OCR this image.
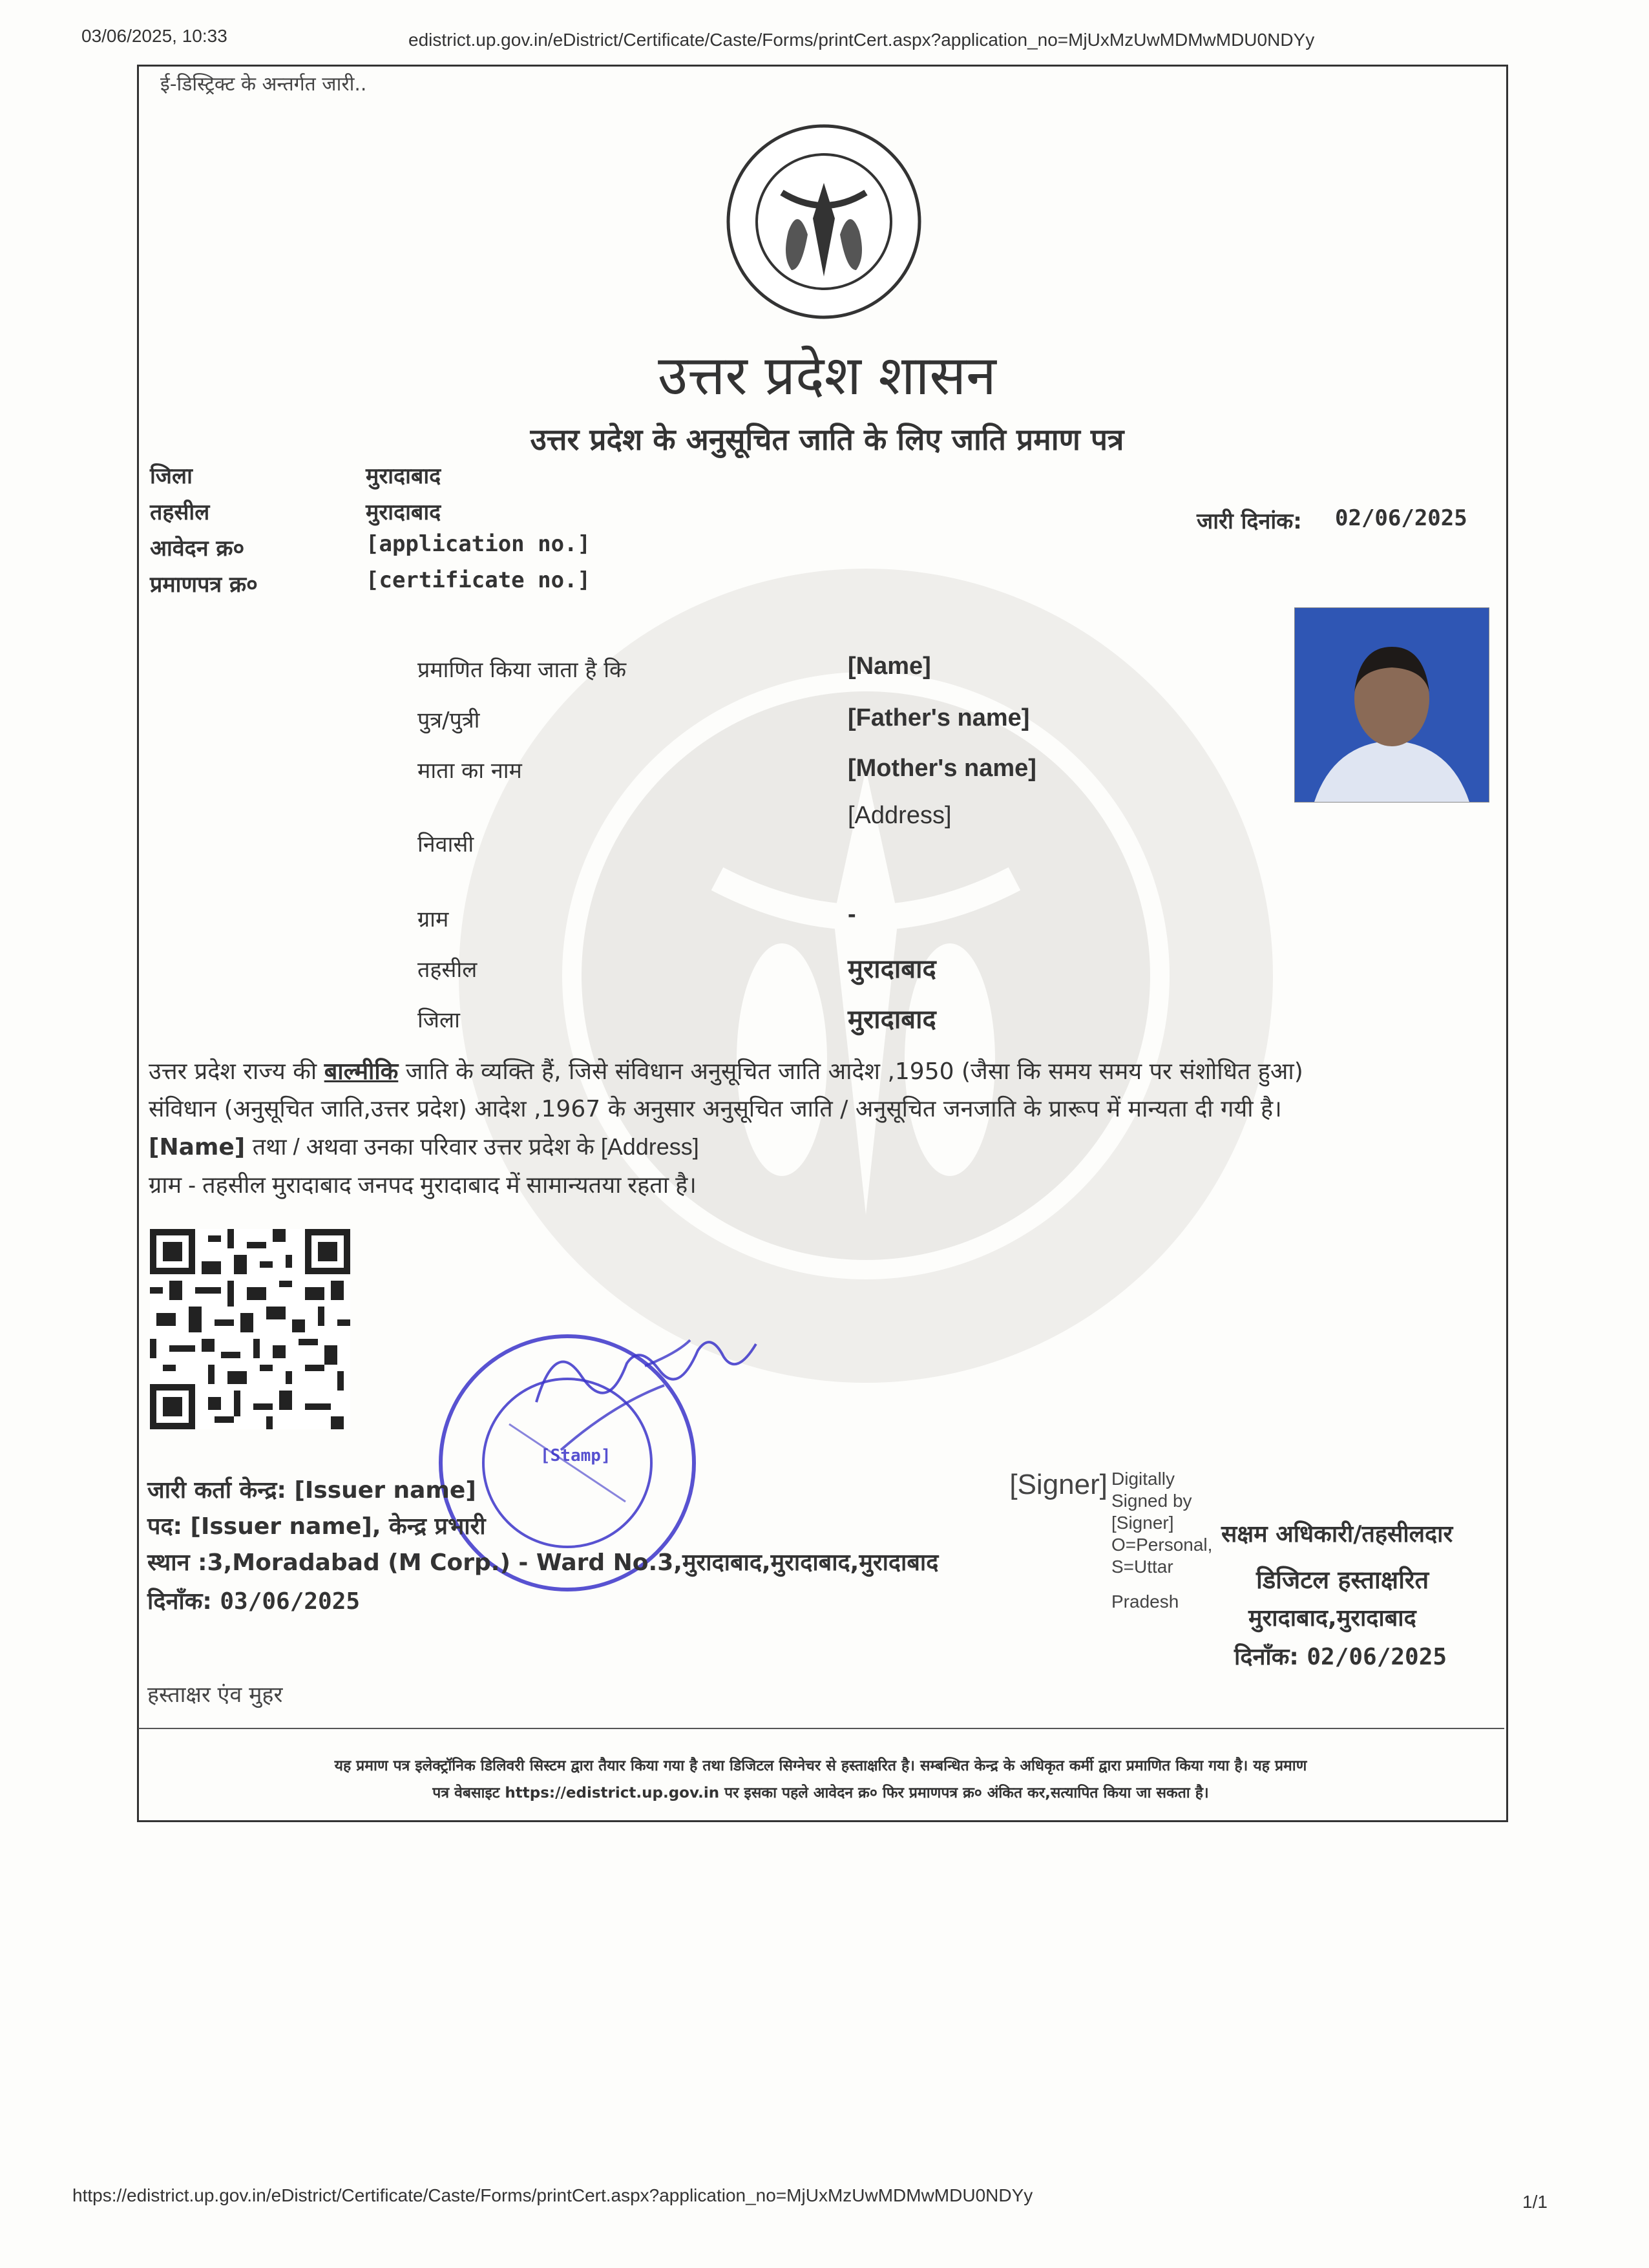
03/06/2025, 10:33	edistrict.up.gov.in/eDistrict/Certificate/Caste/Forms/printCert.aspx?application_no=MjUxMzUwMDMwMDU0NDYy
ई-डिस्ट्रिक्ट के अन्तर्गत जारी..
उत्तर प्रदेश शासन
उत्तर प्रदेश के अनुसूचित जाति के लिए जाति प्रमाण पत्र
जिला	मुरादाबाद
तहसील	मुरादाबाद
आवेदन क्र०	[application no.]
प्रमाणपत्र क्र०	[certificate no.]
जारी दिनांक: 02/06/2025
प्रमाणित किया जाता है कि	[Name]
पुत्र/पुत्री	[Father's name]
माता का नाम	[Mother's name]
निवासी
[Address]
ग्राम	-
तहसील	मुरादाबाद
जिला	मुरादाबाद
उत्तर प्रदेश राज्य की बाल्मीकि जाति के व्यक्ति हैं, जिसे संविधान अनुसूचित जाति आदेश ,1950 (जैसा कि समय समय पर संशोधित हुआ)
संविधान (अनुसूचित जाति,उत्तर प्रदेश) आदेश ,1967 के अनुसार अनुसूचित जाति / अनुसूचित जनजाति के प्रारूप में मान्यता दी गयी है।
[Name] तथा / अथवा उनका परिवार उत्तर प्रदेश के [Address]
ग्राम - तहसील मुरादाबाद जनपद मुरादाबाद में सामान्यतया रहता है।
[Stamp]
जारी कर्ता केन्द्र: [Issuer name]
पद: [Issuer name], केन्द्र प्रभारी
स्थान :3,Moradabad (M Corp.) - Ward No.3,मुरादाबाद,मुरादाबाद,मुरादाबाद
दिनाँक: 03/06/2025
[Signer] Digitally
Signed by
[Signer]
O=Personal,
S=Uttar
Pradesh
सक्षम अधिकारी/तहसीलदार
डिजिटल हस्ताक्षरित
मुरादाबाद,मुरादाबाद
दिनाँक: 02/06/2025
हस्ताक्षर एंव मुहर
यह प्रमाण पत्र इलेक्ट्रॉनिक डिलिवरी सिस्टम द्वारा तैयार किया गया है तथा डिजिटल सिग्नेचर से हस्ताक्षरित है। सम्बन्धित केन्द्र के अधिकृत कर्मी द्वारा प्रमाणित किया गया है। यह प्रमाण
पत्र वेबसाइट https://edistrict.up.gov.in पर इसका पहले आवेदन क्र० फिर प्रमाणपत्र क्र० अंकित कर,सत्यापित किया जा सकता है।
https://edistrict.up.gov.in/eDistrict/Certificate/Caste/Forms/printCert.aspx?application_no=MjUxMzUwMDMwMDU0NDYy	1/1
